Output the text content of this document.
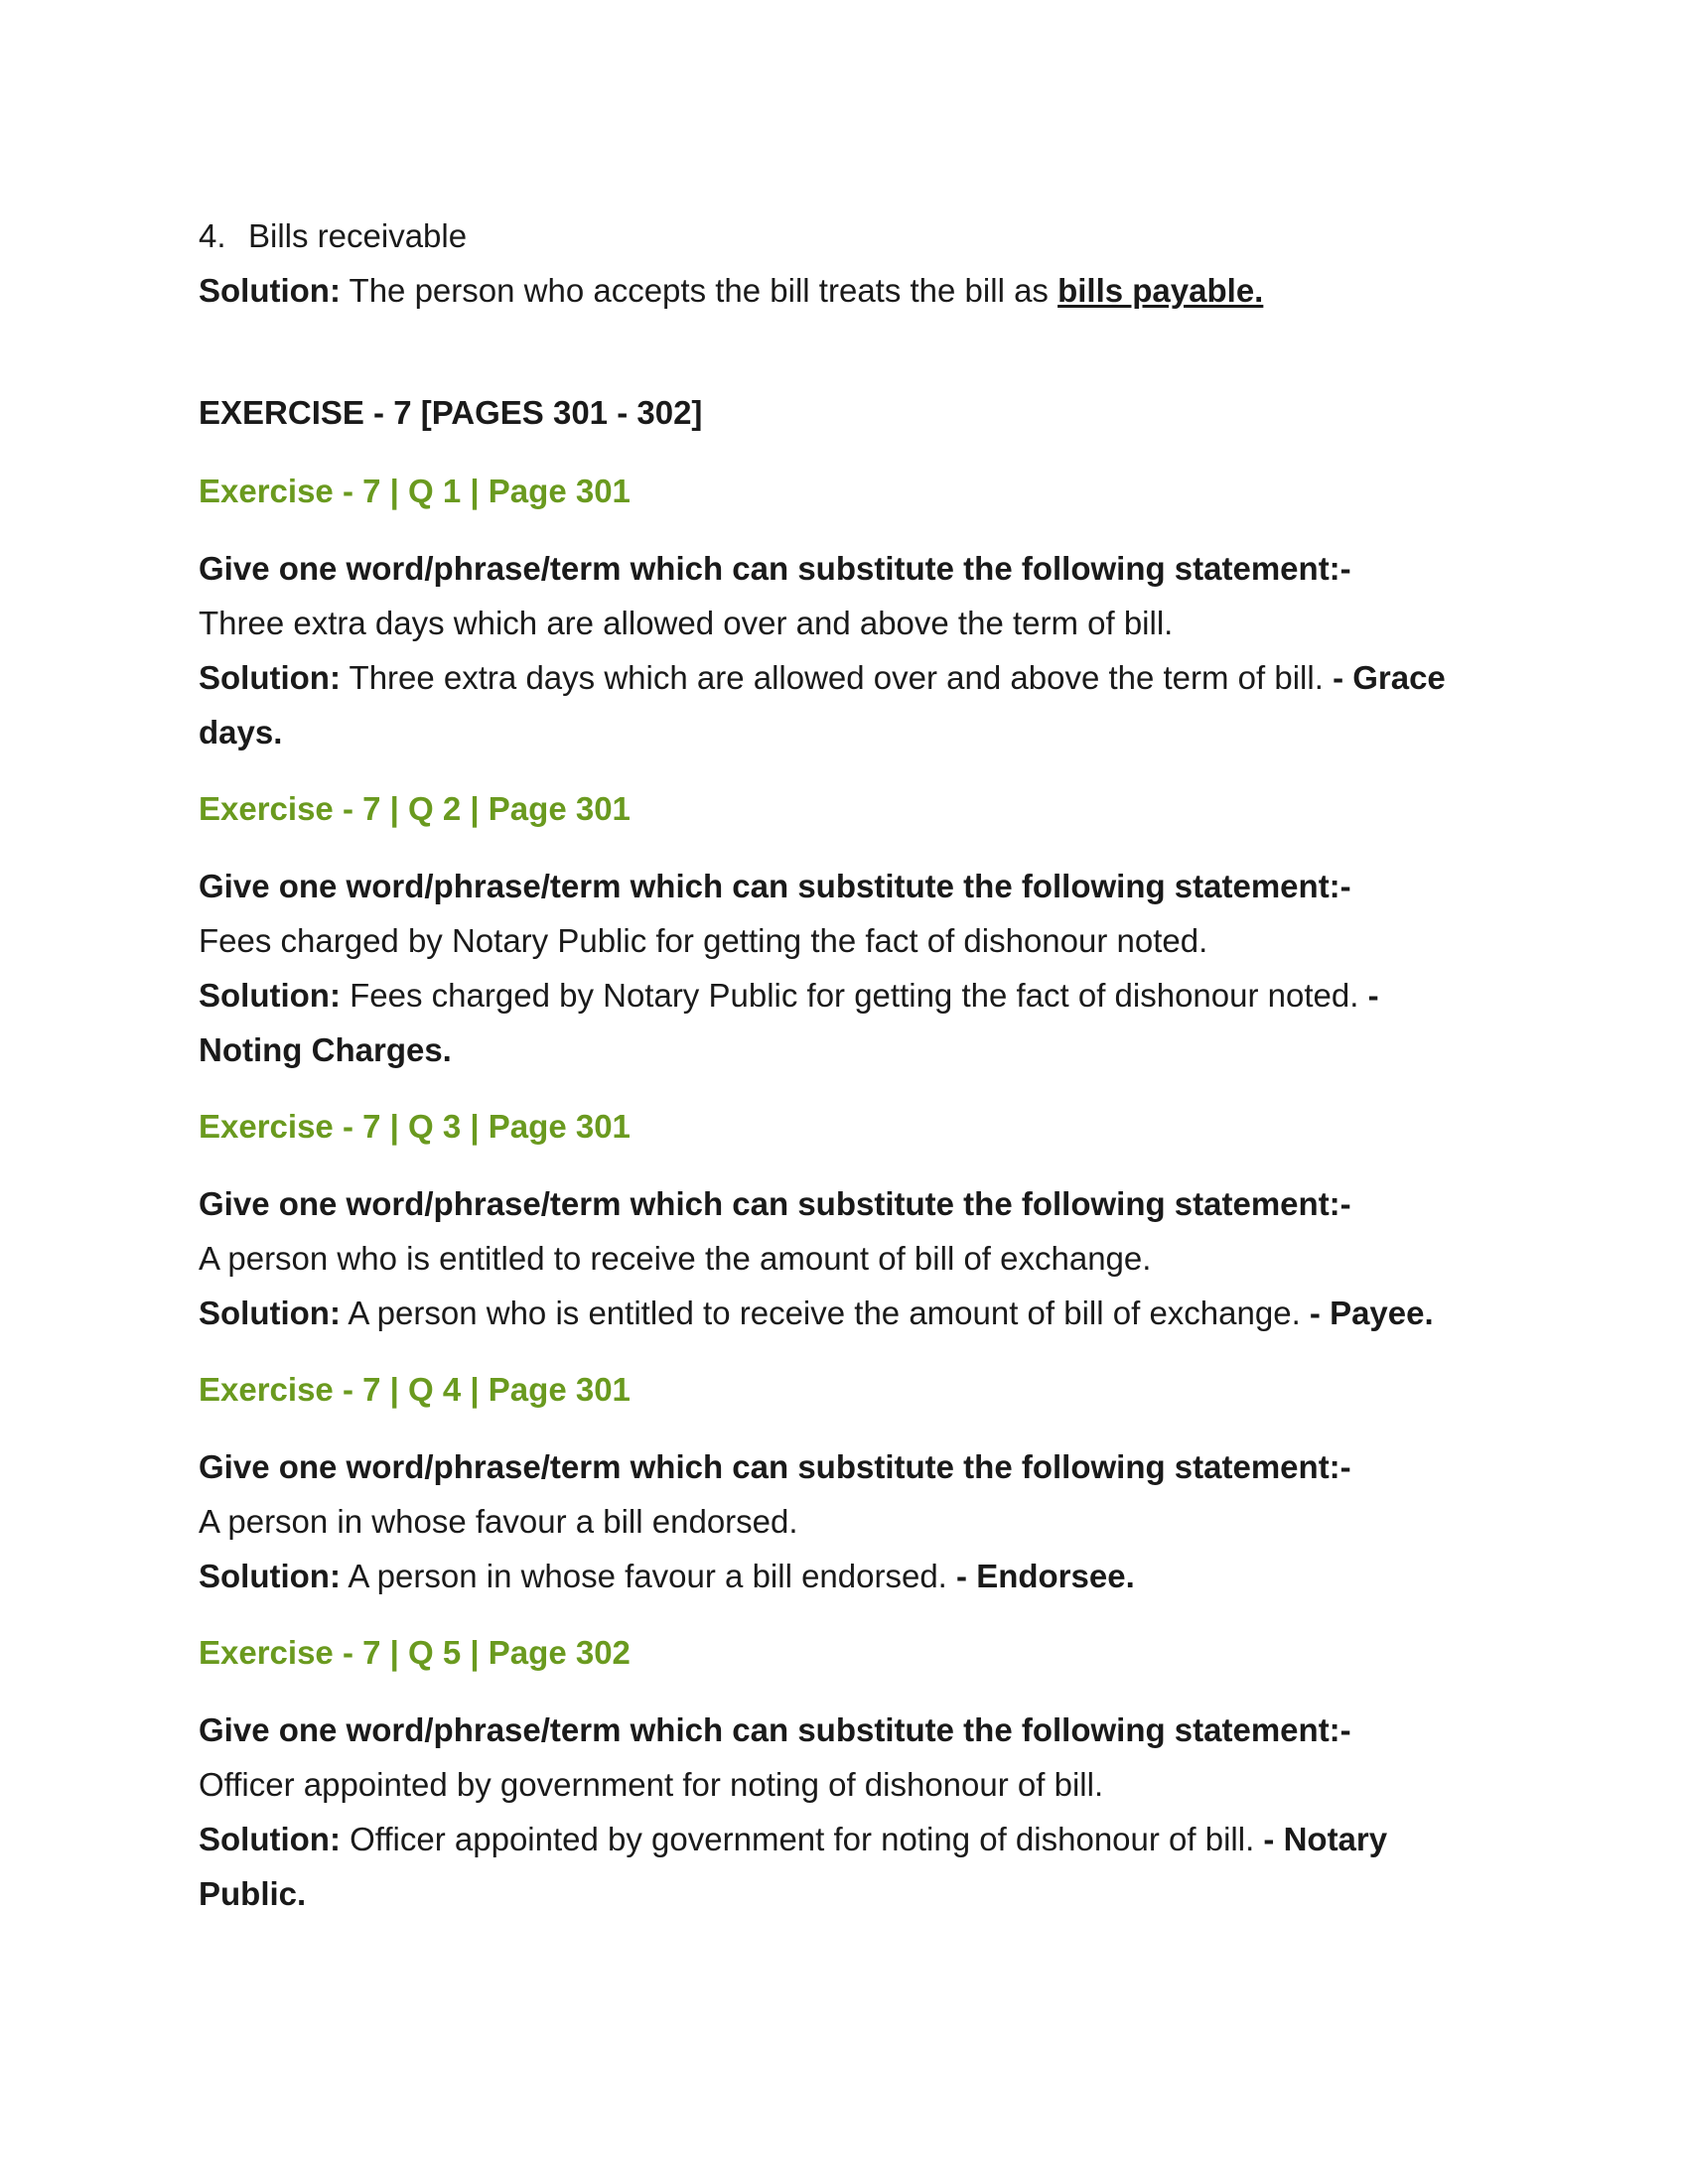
4. Bills receivable

Solution: The person who accepts the bill treats the bill as bills payable.

EXERCISE - 7 [PAGES 301 - 302]

Exercise - 7 | Q 1 | Page 301

Give one word/phrase/term which can substitute the following statement:-

Three extra days which are allowed over and above the term of bill.

Solution: Three extra days which are allowed over and above the term of bill. - Grace days.

Exercise - 7 | Q 2 | Page 301

Give one word/phrase/term which can substitute the following statement:-

Fees charged by Notary Public for getting the fact of dishonour noted.

Solution: Fees charged by Notary Public for getting the fact of dishonour noted. - Noting Charges.

Exercise - 7 | Q 3 | Page 301

Give one word/phrase/term which can substitute the following statement:-

A person who is entitled to receive the amount of bill of exchange.

Solution: A person who is entitled to receive the amount of bill of exchange. - Payee.

Exercise - 7 | Q 4 | Page 301

Give one word/phrase/term which can substitute the following statement:-

A person in whose favour a bill endorsed.

Solution: A person in whose favour a bill endorsed. - Endorsee.

Exercise - 7 | Q 5 | Page 302

Give one word/phrase/term which can substitute the following statement:-

Officer appointed by government for noting of dishonour of bill.

Solution: Officer appointed by government for noting of dishonour of bill. - Notary Public.
